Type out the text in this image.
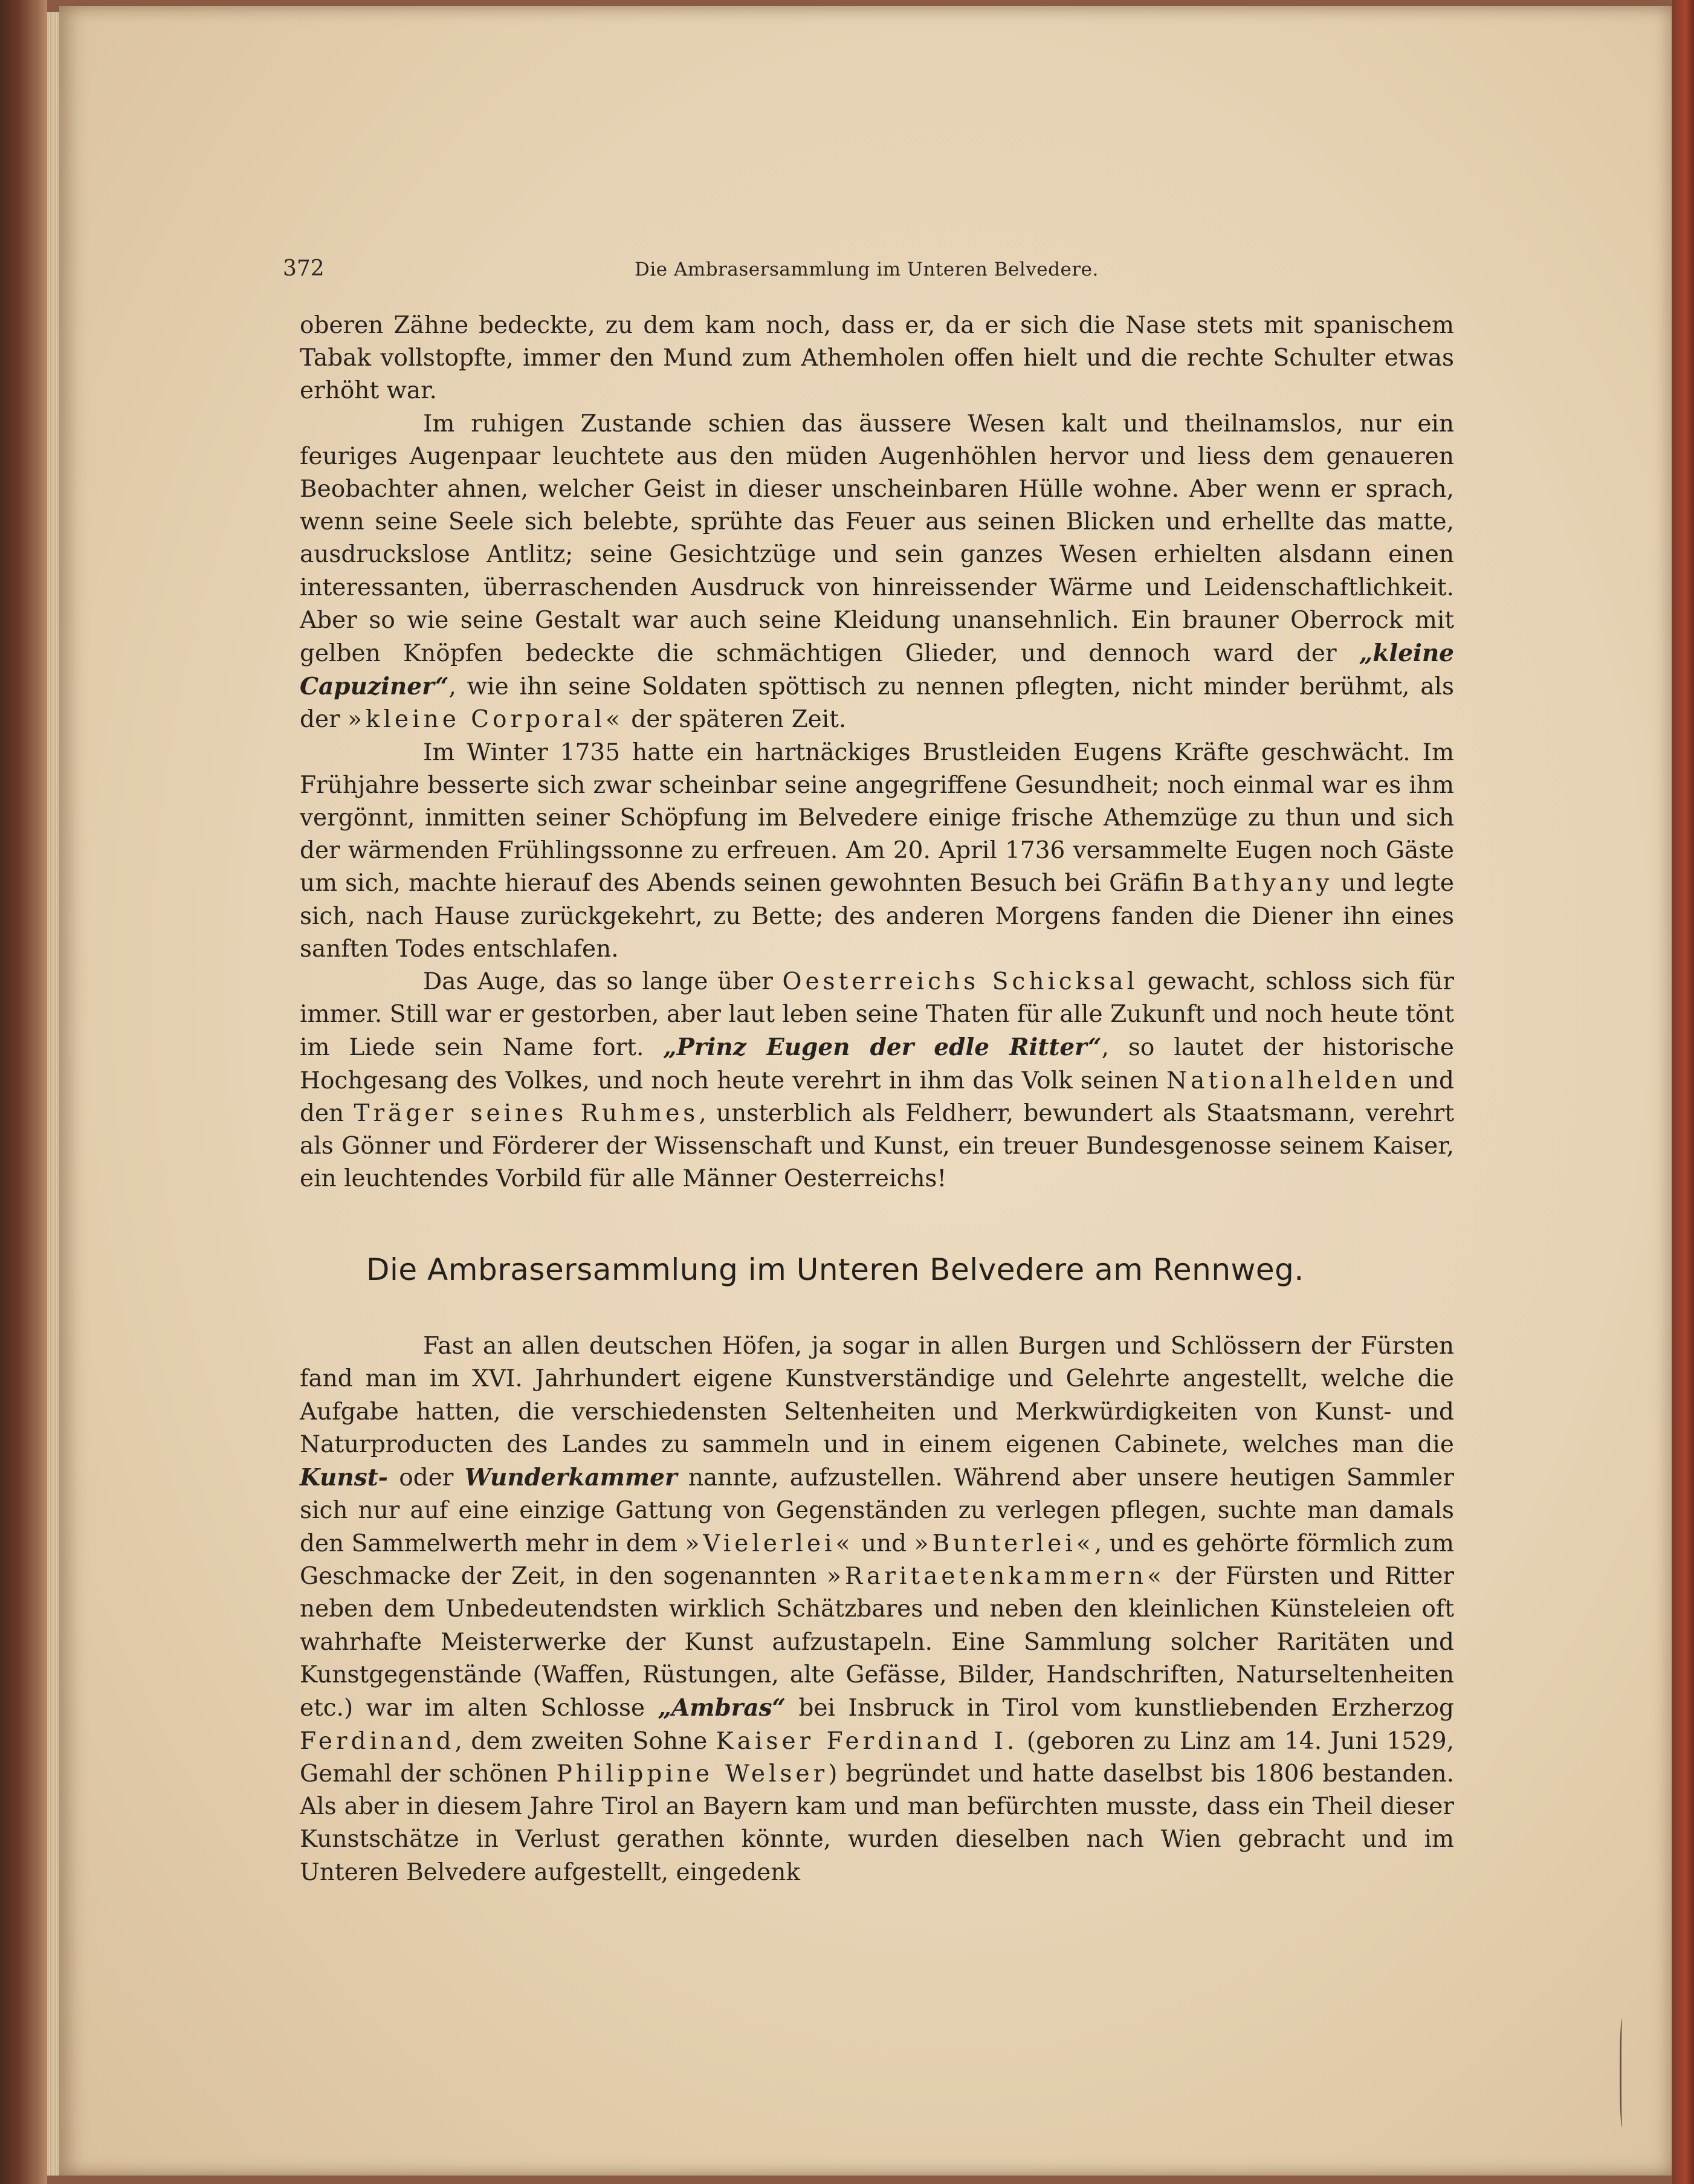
372	Die Ambrasersammlung im Unteren Belvedere.

oberen Zähne bedeckte, zu dem kam noch, dass er, da er sich die Nase stets mit spanischem Tabak vollstopfte, immer den Mund zum Athemholen offen hielt und die rechte Schulter etwas erhöht war.

Im ruhigen Zustande schien das äussere Wesen kalt und theilnamslos, nur ein feuriges Augenpaar leuchtete aus den müden Augenhöhlen hervor und liess dem genaueren Beobachter ahnen, welcher Geist in dieser unscheinbaren Hülle wohne. Aber wenn er sprach, wenn seine Seele sich belebte, sprühte das Feuer aus seinen Blicken und erhellte das matte, ausdruckslose Antlitz; seine Gesichtzüge und sein ganzes Wesen erhielten alsdann einen interessanten, überraschenden Ausdruck von hinreissender Wärme und Leidenschaftlichkeit. Aber so wie seine Gestalt war auch seine Kleidung unansehnlich. Ein brauner Oberrock mit gelben Knöpfen bedeckte die schmächtigen Glieder, und dennoch ward der „kleine Capuziner“, wie ihn seine Soldaten spöttisch zu nennen pflegten, nicht minder berühmt, als der »kleine Corporal« der späteren Zeit.

Im Winter 1735 hatte ein hartnäckiges Brustleiden Eugens Kräfte geschwächt. Im Frühjahre besserte sich zwar scheinbar seine angegriffene Gesundheit; noch einmal war es ihm vergönnt, inmitten seiner Schöpfung im Belvedere einige frische Athemzüge zu thun und sich der wärmenden Frühlingssonne zu erfreuen. Am 20. April 1736 versammelte Eugen noch Gäste um sich, machte hierauf des Abends seinen gewohnten Besuch bei Gräfin Bathyany und legte sich, nach Hause zurückgekehrt, zu Bette; des anderen Morgens fanden die Diener ihn eines sanften Todes entschlafen.

Das Auge, das so lange über Oesterreichs Schicksal gewacht, schloss sich für immer. Still war er gestorben, aber laut leben seine Thaten für alle Zukunft und noch heute tönt im Liede sein Name fort. „Prinz Eugen der edle Ritter“, so lautet der historische Hochgesang des Volkes, und noch heute verehrt in ihm das Volk seinen Nationalhelden und den Träger seines Ruhmes, unsterblich als Feldherr, bewundert als Staatsmann, verehrt als Gönner und Förderer der Wissenschaft und Kunst, ein treuer Bundesgenosse seinem Kaiser, ein leuchtendes Vorbild für alle Männer Oesterreichs!

Die Ambrasersammlung im Unteren Belvedere am Rennweg.

Fast an allen deutschen Höfen, ja sogar in allen Burgen und Schlössern der Fürsten fand man im XVI. Jahrhundert eigene Kunstverständige und Gelehrte angestellt, welche die Aufgabe hatten, die verschiedensten Seltenheiten und Merkwürdigkeiten von Kunst- und Naturproducten des Landes zu sammeln und in einem eigenen Cabinete, welches man die Kunst- oder Wunderkammer nannte, aufzustellen. Während aber unsere heutigen Sammler sich nur auf eine einzige Gattung von Gegenständen zu verlegen pflegen, suchte man damals den Sammelwerth mehr in dem »Vielerlei« und »Bunterlei«, und es gehörte förmlich zum Geschmacke der Zeit, in den sogenannten »Raritaetenkammern« der Fürsten und Ritter neben dem Unbedeutendsten wirklich Schätzbares und neben den kleinlichen Künsteleien oft wahrhafte Meisterwerke der Kunst aufzustapeln. Eine Sammlung solcher Raritäten und Kunstgegenstände (Waffen, Rüstungen, alte Gefässe, Bilder, Handschriften, Naturseltenheiten etc.) war im alten Schlosse „Ambras“ bei Insbruck in Tirol vom kunstliebenden Erzherzog Ferdinand, dem zweiten Sohne Kaiser Ferdinand I. (geboren zu Linz am 14. Juni 1529, Gemahl der schönen Philippine Welser) begründet und hatte daselbst bis 1806 bestanden. Als aber in diesem Jahre Tirol an Bayern kam und man befürchten musste, dass ein Theil dieser Kunstschätze in Verlust gerathen könnte, wurden dieselben nach Wien gebracht und im Unteren Belvedere aufgestellt, eingedenk
